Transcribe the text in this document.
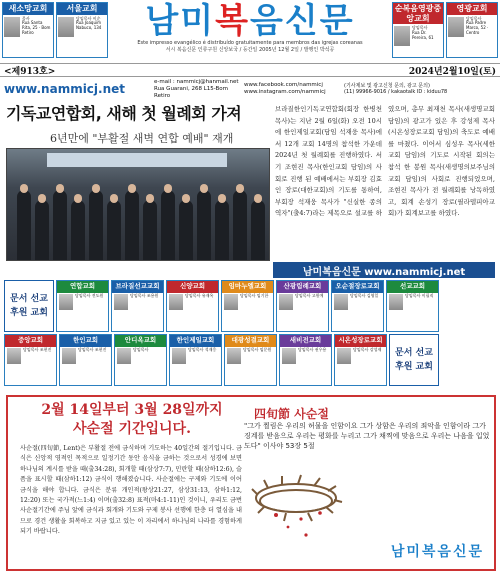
새소망교회
목사
Rua Santa Rita, 25 · Bom Retiro
서울교회
담임목사 이순
Rua Joaquim Nabuco, 134	남미복음신문
Este impresso evangélico é distribuído gratuitamente para membros das igrejas coreanas
서시 복음신문 인류구원 신앙보국 / 등간일 2005년 12월 2일 / 발행인 박석공
순복음영광중앙교회
담임목사
Rua Dr. Pereira, 61
영광교회
담임목사
Rua Padre Marco, 52 · Centro
<제913호>	2024년2월10일(토)
www.nammicj.net
e-mail : nammicj@hanmail.net
Rua Guarani, 268 L15-Bom Retiro
www.facebook.com/nammicj
www.instagram.com/nammicj
(기사제보 및 광고신청 문의, 광고 문의)
(11) 99966-9016 / kakaotalk ID : kiduu78
기독교연합회, 새해 첫 월례회 가져
6년만에 "부활절 새벽 연합 예배" 재개
브라질한인기독교연합회(회장 한병천 목사)는 지난 2월 6일(화) 오전 10시에 한인제일교회(담임 석재웅 목사)에서 12개 교회 14명의 참석한 가운데 2024년 첫 월례회를 진행하였다. 서기 조현진 목사(한인교회 담임)의 사회로 진행 된 예배에서는 부회장 김효인 장로(대한교회)의 기도를 통하여, 부회장 석재웅 목사가 "신실한 종의 역자"(출4:7)라는 제목으로 설교를 하였으며, 총무 최재천 목사(새생명교회 담임)의 광고가 있은 후 강성제 목사(시온성장로교회 담임)의 축도로 예배를 마쳤다. 이어서 심성우 목사(세한교회 담임)의 기도로 시작된 회의는 참석 한 봉원 목사(새생명의보주님의교회 담임)의 사회로 진행되었으며, 조현진 목사가 전 월례회를 낭독하였고, 회계 손성기 장로(필라델피아교회)가 회계보고를 하였다.
남미복음신문 www.nammicj.net
문서 선교
후원 교회
연합교회
담임목사 전도원
브라질선교교회
담임목사 조용원
신양교회
담임목사 유재옥
임마누엘교회
담임목사 임기한
산광림례교회
담임목사 고원예
오순절장로교회
담임목사 김영일
선교교회
담임목사 이필직
중앙교회
담임목사 조현진
한인교회
담임목사 조현진
안디옥교회
담임목사
한인제일교회
담임목사 석재웅
대광성결교회
담임목사 임문원
새비전교회
담임목사 권우용
시온성장로교회
담임목사 강성제	문서 선교
후원 교회
2월 14일부터 3월 28일까지
사순절 기간입니다.
사순절(四旬節, Lent)은 부활절 전에 금식하며 기도하는 40일간의 절기입니다. 금식은 신앙적 영적인 목적으로 일정기간 동안 음식을 금하는 것으로서 성경에 보면 하나님의 계시를 받을 때(출34:28), 회개할 때(삼상7:7), 민란할 때(삼하12:6), 슬픔을 표시할 때(삼하1:12) 금식이 행해졌습니다. 사순절에는 구제와 기도에 이어 금식을 해야 합니다. 금식은 분류 개인적(왕상21:27, 삼상31:13, 삼하1:12, 12:20) 또는 국가적(느1:4) 이며(출32:8) 표적(마4:1-11)인 것이니, 우리도 금번 사순절기간에 주님 앞에 금식과 회개와 기도와 구제 봉사 선행에 한층 더 열심을 내므로 경건 생활을 회복하고 지금 있고 있는 이 자리에서 하나님의 나라를 경험하게 되기 바랍니다.
四旬節 사순절
"그가 찔림은 우리의 허물을 인함이요 그가 상함은 우리의 죄악을 인함이라 그가 징계를 받음으로 우리는 평화를 누리고 그가 채찍에 맞음으로 우리는 나음을 입었도다" 이사야 53장 5절
남미복음신문
